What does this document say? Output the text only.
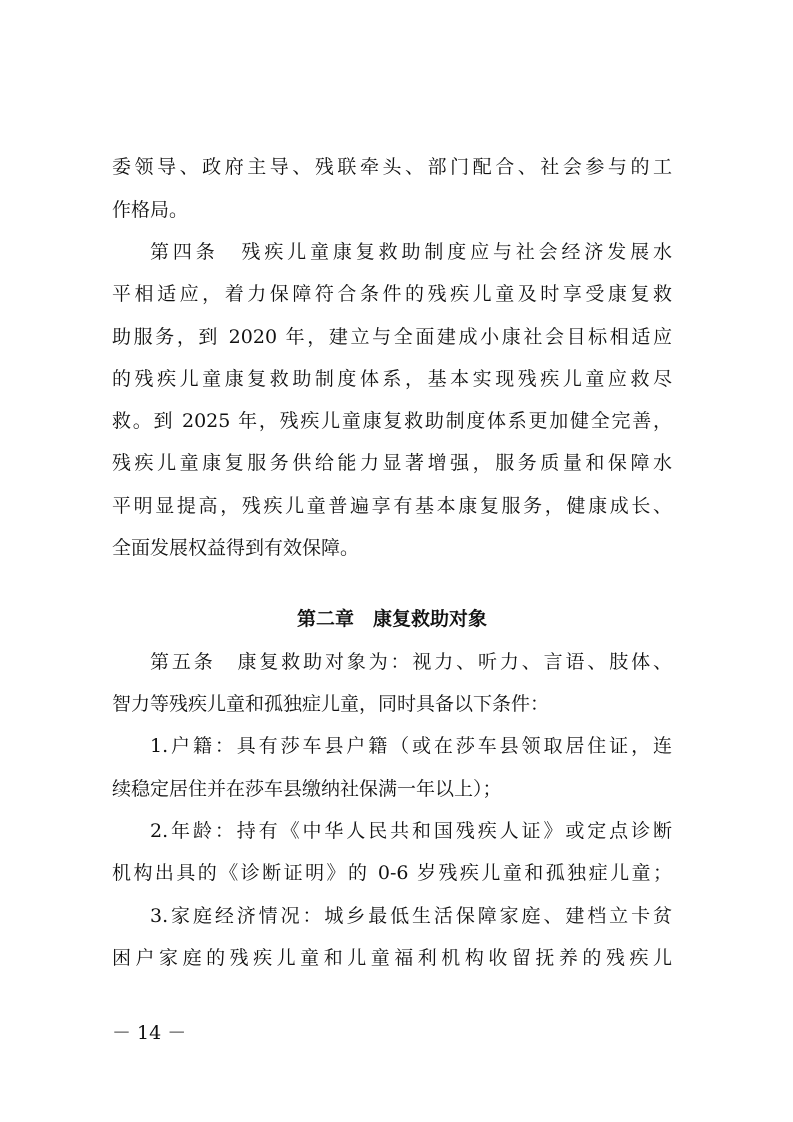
委领导、政府主导、残联牵头、部门配合、社会参与的工
作格局。
第四条　残疾儿童康复救助制度应与社会经济发展水
平相适应，着力保障符合条件的残疾儿童及时享受康复救
助服务，到 2020 年，建立与全面建成小康社会目标相适应
的残疾儿童康复救助制度体系，基本实现残疾儿童应救尽
救。到 2025 年，残疾儿童康复救助制度体系更加健全完善，
残疾儿童康复服务供给能力显著增强，服务质量和保障水
平明显提高，残疾儿童普遍享有基本康复服务，健康成长、
全面发展权益得到有效保障。
第二章　康复救助对象
第五条　康复救助对象为：视力、听力、言语、肢体、
智力等残疾儿童和孤独症儿童，同时具备以下条件：
1.户籍：具有莎车县户籍（或在莎车县领取居住证，连
续稳定居住并在莎车县缴纳社保满一年以上）；
2.年龄：持有《中华人民共和国残疾人证》或定点诊断
机构出具的《诊断证明》的 0-6 岁残疾儿童和孤独症儿童；
3.家庭经济情况：城乡最低生活保障家庭、建档立卡贫
困户家庭的残疾儿童和儿童福利机构收留抚养的残疾儿
－ 14 －
